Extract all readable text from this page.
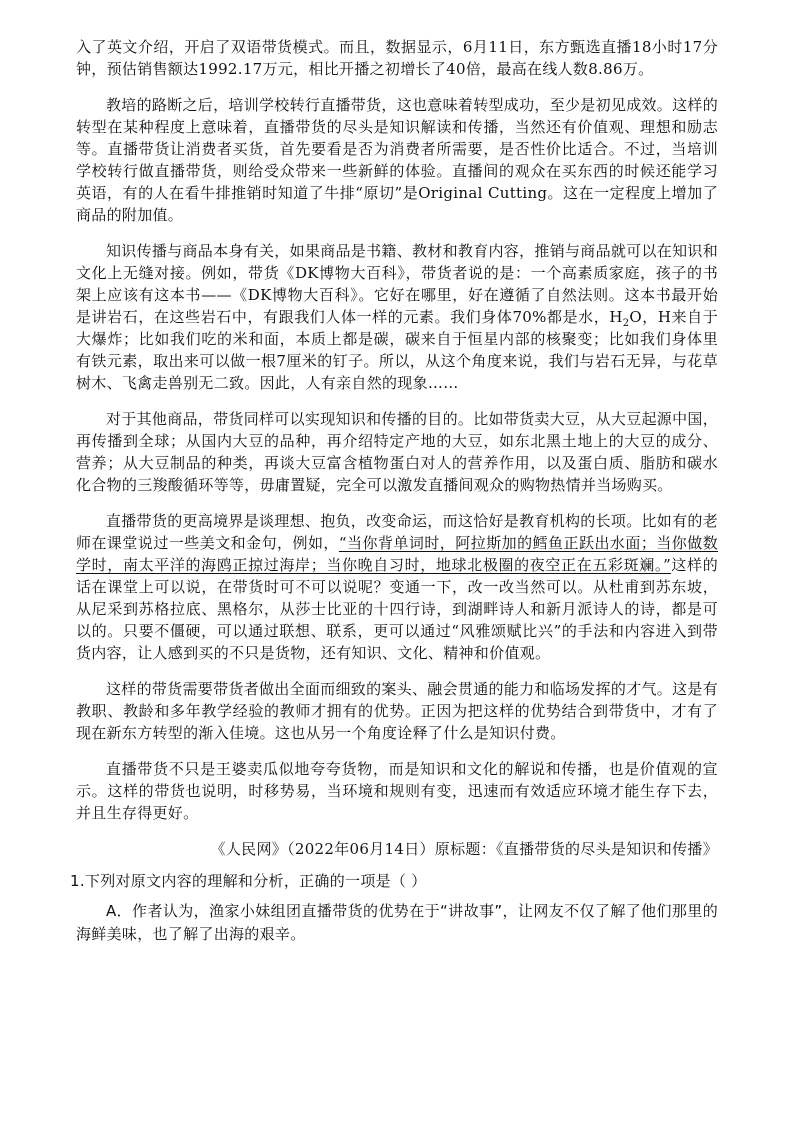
入了英文介绍，开启了双语带货模式。而且，数据显示，6月11日，东方甄选直播18小时17分钟，预估销售额达1992.17万元，相比开播之初增长了40倍，最高在线人数8.86万。

教培的路断之后，培训学校转行直播带货，这也意味着转型成功，至少是初见成效。这样的转型在某种程度上意味着，直播带货的尽头是知识解读和传播，当然还有价值观、理想和励志等。直播带货让消费者买货，首先要看是否为消费者所需要，是否性价比适合。不过，当培训学校转行做直播带货，则给受众带来一些新鲜的体验。直播间的观众在买东西的时候还能学习英语，有的人在看牛排推销时知道了牛排“原切”是Original Cutting。这在一定程度上增加了商品的附加值。

知识传播与商品本身有关，如果商品是书籍、教材和教育内容，推销与商品就可以在知识和文化上无缝对接。例如，带货《DK博物大百科》，带货者说的是：一个高素质家庭，孩子的书架上应该有这本书——《DK博物大百科》。它好在哪里，好在遵循了自然法则。这本书最开始是讲岩石，在这些岩石中，有跟我们人体一样的元素。我们身体70%都是水，$H_2O$，H来自于大爆炸；比如我们吃的米和面，本质上都是碳，碳来自于恒星内部的核聚变；比如我们身体里有铁元素，取出来可以做一根7厘米的钉子。所以，从这个角度来说，我们与岩石无异，与花草树木、飞禽走兽别无二致。因此，人有亲自然的现象……

对于其他商品，带货同样可以实现知识和传播的目的。比如带货卖大豆，从大豆起源中国，再传播到全球；从国内大豆的品种，再介绍特定产地的大豆，如东北黑土地上的大豆的成分、营养；从大豆制品的种类，再谈大豆富含植物蛋白对人的营养作用，以及蛋白质、脂肪和碳水化合物的三羧酸循环等等，毋庸置疑，完全可以激发直播间观众的购物热情并当场购买。

直播带货的更高境界是谈理想、抱负，改变命运，而这恰好是教育机构的长项。比如有的老师在课堂说过一些美文和金句，例如，“当你背单词时，阿拉斯加的鳕鱼正跃出水面；当你做数学时，南太平洋的海鸥正掠过海岸；当你晚自习时，地球北极圈的夜空正在五彩斑斓。”这样的话在课堂上可以说，在带货时可不可以说呢？变通一下，改一改当然可以。从杜甫到苏东坡，从尼采到苏格拉底、黑格尔，从莎士比亚的十四行诗，到湖畔诗人和新月派诗人的诗，都是可以的。只要不僵硬，可以通过联想、联系，更可以通过“风雅颂赋比兴”的手法和内容进入到带货内容，让人感到买的不只是货物，还有知识、文化、精神和价值观。

这样的带货需要带货者做出全面而细致的案头、融会贯通的能力和临场发挥的才气。这是有教职、教龄和多年教学经验的教师才拥有的优势。正因为把这样的优势结合到带货中，才有了现在新东方转型的渐入佳境。这也从另一个角度诠释了什么是知识付费。

直播带货不只是王婆卖瓜似地夸夸货物，而是知识和文化的解说和传播，也是价值观的宣示。这样的带货也说明，时移势易，当环境和规则有变，迅速而有效适应环境才能生存下去，并且生存得更好。

《人民网》（2022年06月14日）原标题：《直播带货的尽头是知识和传播》

1.下列对原文内容的理解和分析，正确的一项是（ ）

A．作者认为，渔家小妹组团直播带货的优势在于“讲故事”，让网友不仅了解了他们那里的海鲜美味，也了解了出海的艰辛。
